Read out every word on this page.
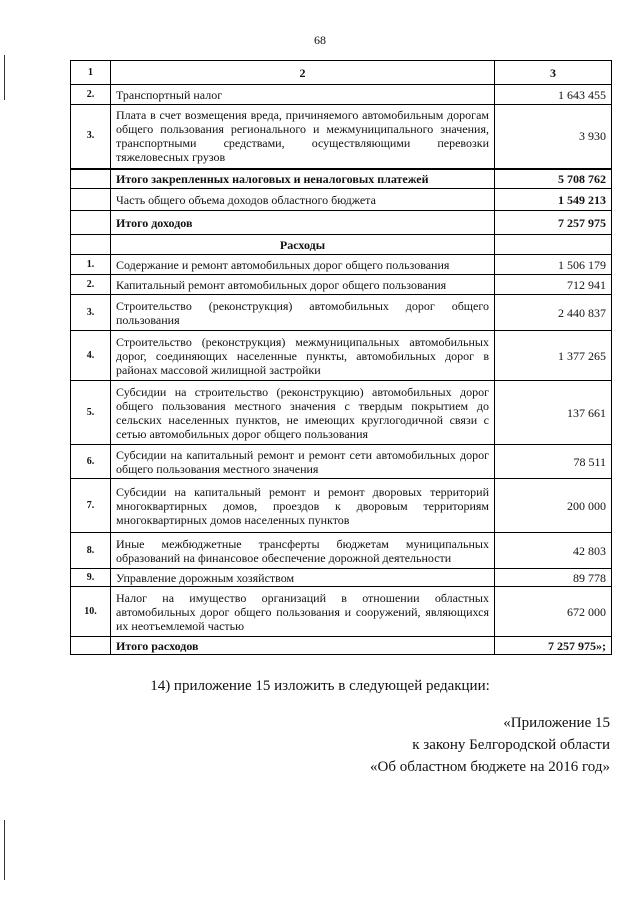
68
1	2	3
2.	Транспортный налог	1 643 455
3.	Плата в счет возмещения вреда, причиняемого автомобильным дорогам общего пользования регионального и межмуниципального значения, транспортными средствами, осуществляющими перевозки тяжеловесных грузов	3 930
	Итого закрепленных налоговых и неналоговых платежей	5 708 762
	Часть общего объема доходов областного бюджета	1 549 213
	Итого доходов	7 257 975
	Расходы	
1.	Содержание и ремонт автомобильных дорог общего пользования	1 506 179
2.	Капитальный ремонт автомобильных дорог общего пользования	712 941
3.	Строительство (реконструкция) автомобильных дорог общего пользования	2 440 837
4.	Строительство (реконструкция) межмуниципальных автомобильных дорог, соединяющих населенные пункты, автомобильных дорог в районах массовой жилищной застройки	1 377 265
5.	Субсидии на строительство (реконструкцию) автомобильных дорог общего пользования местного значения с твердым покрытием до сельских населенных пунктов, не имеющих круглогодичной связи с сетью автомобильных дорог общего пользования	137 661
6.	Субсидии на капитальный ремонт и ремонт сети автомобильных дорог общего пользования местного значения	78 511
7.	Субсидии на капитальный ремонт и ремонт дворовых территорий многоквартирных домов, проездов к дворовым территориям многоквартирных домов населенных пунктов	200 000
8.	Иные межбюджетные трансферты бюджетам муниципальных образований на финансовое обеспечение дорожной деятельности	42 803
9.	Управление дорожным хозяйством	89 778
10.	Налог на имущество организаций в отношении областных автомобильных дорог общего пользования и сооружений, являющихся их неотъемлемой частью	672 000
	Итого расходов	7 257 975»;
14) приложение 15 изложить в следующей редакции:
«Приложение 15
к закону Белгородской области
«Об областном бюджете на 2016 год»
